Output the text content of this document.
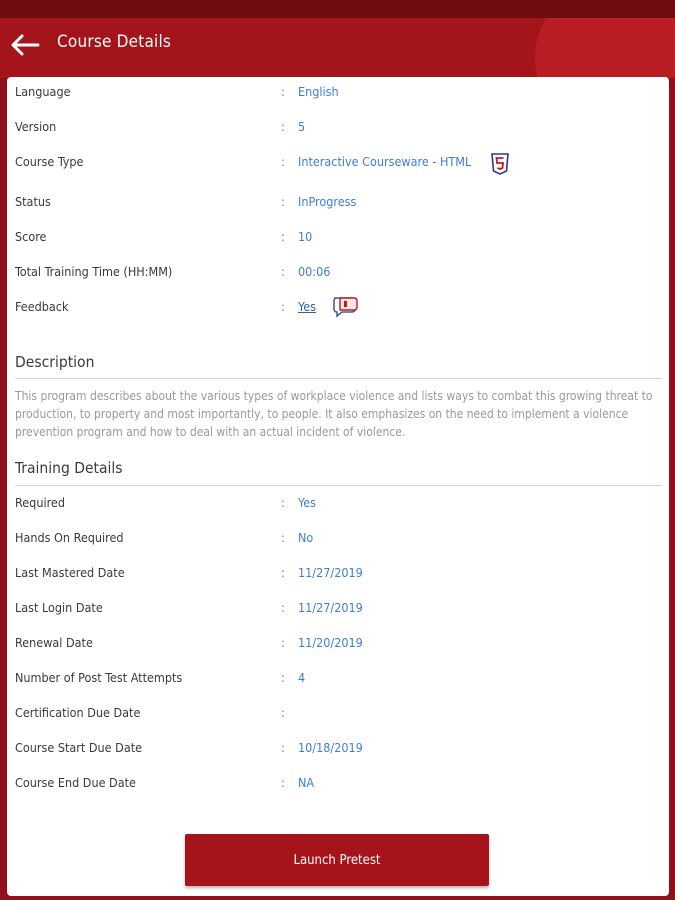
Course Details
Language	: English
Version	: 5
Course Type	: Interactive Courseware - HTML
Status	: InProgress
Score	: 10
Total Training Time (HH:MM)	: 00:06
Feedback	: Yes
Description
This program describes about the various types of workplace violence and lists ways to combat this growing threat to production, to property and most importantly, to people. It also emphasizes on the need to implement a violence prevention program and how to deal with an actual incident of violence.
Training Details
Required	: Yes
Hands On Required	: No
Last Mastered Date	: 11/27/2019
Last Login Date	: 11/27/2019
Renewal Date	: 11/20/2019
Number of Post Test Attempts	: 4
Certification Due Date	:
Course Start Due Date	: 10/18/2019
Course End Due Date	: NA
Launch Pretest
